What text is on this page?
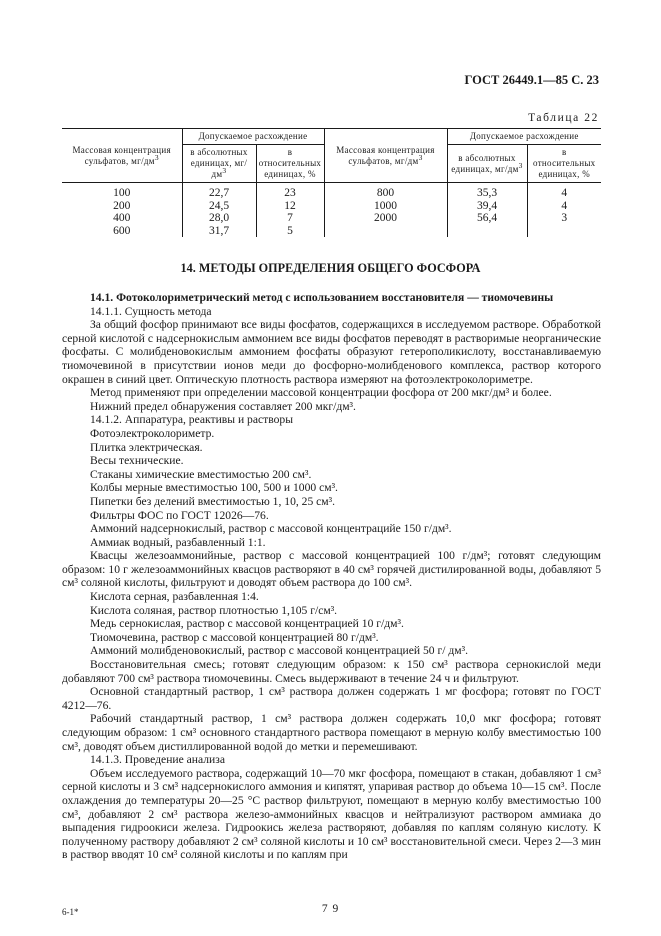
ГОСТ 26449.1—85 С. 23
Таблица 22
Массовая концентрация сульфатов, $мг/дм^3$	Допускаемое расхождение		Массовая концентрация сульфатов, $мг/дм^3$	Допускаемое расхождение	
	в абсолютных единицах, $мг/дм^3$	в относительных единицах, %		в абсолютных единицах, $мг/дм^3$	в относительных единицах, %
100	22,7	23	800	35,3	4
200	24,5	12	1000	39,4	4
400	28,0	7	2000	56,4	3
600	31,7	5			
14. МЕТОДЫ ОПРЕДЕЛЕНИЯ ОБЩЕГО ФОСФОРА

14.1. Фотоколориметрический метод с использованием восстановителя — тиомочевины

14.1.1. Сущность метода

За общий фосфор принимают все виды фосфатов, содержащихся в исследуемом растворе. Обработкой серной кислотой с надсернокислым аммонием все виды фосфатов переводят в растворимые неорганические фосфаты. С молибденовокислым аммонием фосфаты образуют гетерополикислоту, восстанавливаемую тиомочевиной в присутствии ионов меди до фосфорно-молибденового комплекса, раствор которого окрашен в синий цвет. Оптическую плотность раствора измеряют на фотоэлектроколориметре.

Метод применяют при определении массовой концентрации фосфора от 200 мкг/дм³ и более.

Нижний предел обнаружения составляет 200 мкг/дм³.

14.1.2. Аппаратура, реактивы и растворы

Фотоэлектроколориметр.

Плитка электрическая.

Весы технические.

Стаканы химические вместимостью 200 см³.

Колбы мерные вместимостью 100, 500 и 1000 см³.

Пипетки без делений вместимостью 1, 10, 25 см³.

Фильтры ФОС по ГОСТ 12026—76.

Аммоний надсернокислый, раствор с массовой концентрацийе 150 г/дм³.

Аммиак водный, разбавленный 1:1.

Квасцы железоаммонийные, раствор с массовой концентрацией 100 г/дм³; готовят следующим образом: 10 г железоаммонийных квасцов растворяют в 40 см³ горячей дистилированной воды, добавляют 5 см³ соляной кислоты, фильтруют и доводят объем раствора до 100 см³.

Кислота серная, разбавленная 1:4.

Кислота соляная, раствор плотностью 1,105 г/см³.

Медь сернокислая, раствор с массовой концентрацией 10 г/дм³.

Тиомочевина, раствор с массовой концентрацией 80 г/дм³.

Аммоний молибденовокислый, раствор с массовой концентрацией 50 г/ дм³.

Восстановительная смесь; готовят следующим образом: к 150 см³ раствора сернокислой меди добавляют 700 см³ раствора тиомочевины. Смесь выдерживают в течение 24 ч и фильтруют.

Основной стандартный раствор, 1 см³ раствора должен содержать 1 мг фосфора; готовят по ГОСТ 4212—76.

Рабочий стандартный раствор, 1 см³ раствора должен содержать 10,0 мкг фосфора; готовят следующим образом: 1 см³ основного стандартного раствора помещают в мерную колбу вместимостью 100 см³, доводят объем дистиллированной водой до метки и перемешивают.

14.1.3. Проведение анализа

Объем исследуемого раствора, содержащий 10—70 мкг фосфора, помещают в стакан, добавляют 1 см³ серной кислоты и 3 см³ надсернокислого аммония и кипятят, упаривая раствор до объема 10—15 см³. После охлаждения до температуры 20—25 °С раствор фильтруют, помещают в мерную колбу вместимостью 100 см³, добавляют 2 см³ раствора железо-аммонийных квасцов и нейтрализуют раствором аммиака до выпадения гидроокиси железа. Гидроокись железа растворяют, добавляя по каплям соляную кислоту. К полученному раствору добавляют 2 см³ соляной кислоты и 10 см³ восстановительной смеси. Через 2—3 мин в раствор вводят 10 см³ соляной кислоты и по каплям при

6-1*	7 9
